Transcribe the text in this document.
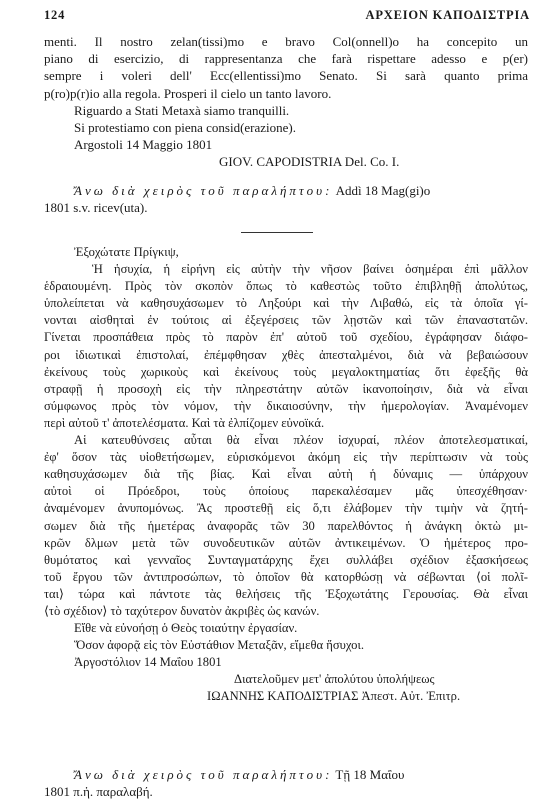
124	ΑΡΧΕΙΟΝ ΚΑΠΟΔΙΣΤΡΙΑ
menti. Il nostro zelan(tissi)mo e bravo Col(onnell)o ha concepito un
piano di esercizio, di rappresentanza che farà rispettare adesso e p(er)
sempre i voleri dell' Ecc(ellentissi)mo Senato. Si sarà quanto prima
p(ro)p(r)io alla regola. Prosperi il cielo un tanto lavoro.
Riguardo a Stati Metaxà siamo tranquilli.
Si protestiamo con piena consid(erazione).
Argostoli 14 Maggio 1801
GIOV. CAPODISTRIA Del. Co. I.
Ἄνω διὰ χειρὸς τοῦ παραλήπτου: Addì 18 Mag(gi)o
1801 s.v. ricev(uta).
Ἐξοχώτατε Πρίγκιψ,
Ἡ ἡσυχία, ἡ εἰρήνη εἰς αὐτὴν τὴν νῆσον βαίνει ὁσημέραι ἐπὶ μᾶλλον
ἑδραιουμένη. Πρὸς τὸν σκοπὸν ὅπως τὸ καθεστὼς τοῦτο ἐπιβληθῇ ἀπολύτως,
ὑπολείπεται νὰ καθησυχάσωμεν τὸ Ληξούρι καὶ τὴν Λιβαθώ, εἰς τὰ ὁποῖα γί-
νονται αἰσθηταὶ ἐν τούτοις αἱ ἐξεγέρσεις τῶν λῃστῶν καὶ τῶν ἐπαναστατῶν.
Γίνεται προσπάθεια πρὸς τὸ παρὸν ἐπ' αὐτοῦ τοῦ σχεδίου, ἐγράφησαν διάφο-
ροι ἰδιωτικαὶ ἐπιστολαί, ἐπέμφθησαν χθὲς ἀπεσταλμένοι, διὰ νὰ βεβαιώσουν
ἐκείνους τοὺς χωρικοὺς καὶ ἐκείνους τοὺς μεγαλοκτηματίας ὅτι ἐφεξῆς θὰ
στραφῇ ἡ προσοχὴ εἰς τὴν πληρεστάτην αὐτῶν ἱκανοποίησιν, διὰ νὰ εἶναι
σύμφωνος πρὸς τὸν νόμον, τὴν δικαιοσύνην, τὴν ἡμερολογίαν. Ἀναμένομεν
περὶ αὐτοῦ τ' ἀποτελέσματα. Καὶ τὰ ἐλπίζομεν εὐνοϊκά.
Αἱ κατευθύνσεις αὗται θὰ εἶναι πλέον ἰσχυραί, πλέον ἀποτελεσματικαί,
ἐφ' ὅσον τὰς υἱοθετήσωμεν, εὑρισκόμενοι ἀκόμη εἰς τὴν περίπτωσιν νὰ τοὺς
καθησυχάσωμεν διὰ τῆς βίας. Καὶ εἶναι αὐτὴ ἡ δύναμις — ὑπάρχουν
αὐτοὶ οἱ Πρόεδροι, τοὺς ὁποίους παρεκαλέσαμεν μᾶς ὑπεσχέθησαν·
ἀναμένομεν ἀνυπομόνως. Ἂς προστεθῇ εἰς ὅ,τι ἐλάβομεν τὴν τιμὴν νὰ ζητή-
σωμεν διὰ τῆς ἡμετέρας ἀναφορᾶς τῶν 30 παρελθόντος ἡ ἀνάγκη ὀκτὼ μι-
κρῶν δλμων μετὰ τῶν συνοδευτικῶν αὐτῶν ἀντικειμένων. Ὁ ἡμέτερος προ-
θυμότατος καὶ γενναῖος Συνταγματάρχης ἔχει συλλάβει σχέδιον ἐξασκήσεως
τοῦ ἔργου τῶν ἀντιπροσώπων, τὸ ὁποῖον θὰ κατορθώσῃ νὰ σέβωνται ⟨οἱ πολῖ-
ται⟩ τώρα καὶ πάντοτε τὰς θελήσεις τῆς Ἐξοχωτάτης Γερουσίας. Θὰ εἶναι
⟨τὸ σχέδιον⟩ τὸ ταχύτερον δυνατὸν ἀκριβὲς ὡς κανών.
Εἴθε νὰ εὐνοήσῃ ὁ Θεὸς τοιαύτην ἐργασίαν.
Ὅσον ἀφορᾷ εἰς τὸν Εὐστάθιον Μεταξᾶν, εἴμεθα ἥσυχοι.
Ἀργοστόλιον 14 Μαΐου 1801
Διατελοῦμεν μετ' ἀπολύτου ὑπολήψεως
ΙΩΑΝΝΗΣ ΚΑΠΟΔΙΣΤΡΙΑΣ Ἀπεστ. Αὐτ. Ἐπιτρ.
Ἄνω διὰ χειρὸς τοῦ παραλήπτου: Τῇ 18 Μαΐου
1801 π.ἡ. παραλαβή.
